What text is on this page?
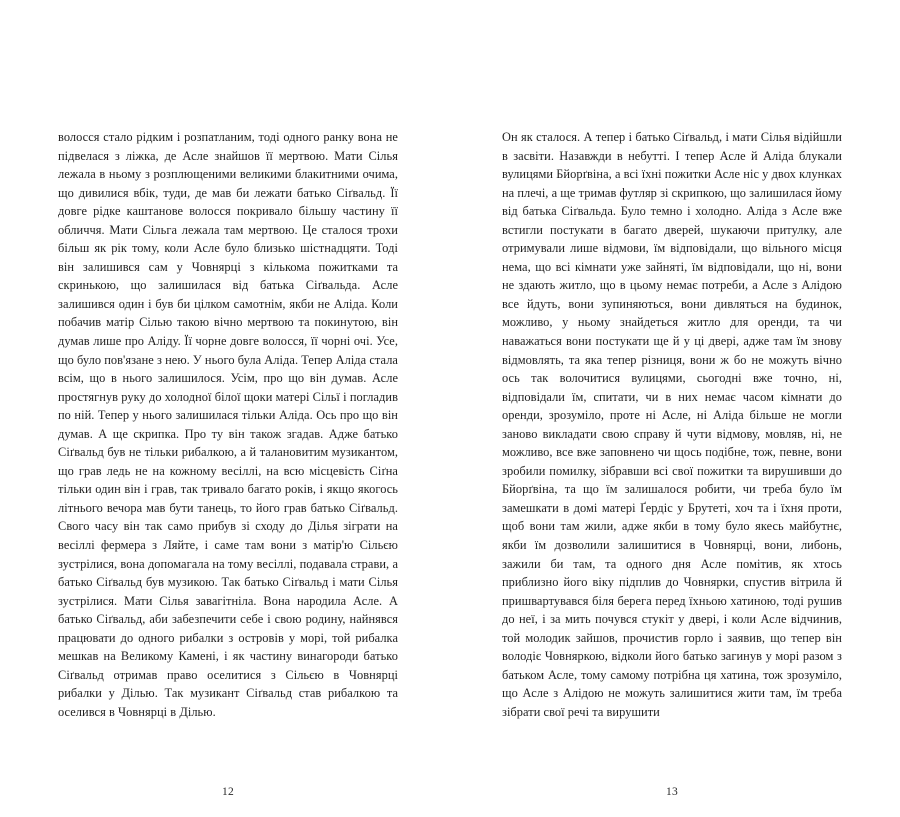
волосся стало рідким і розпатланим, тоді одного ранку вона не підвелася з ліжка, де Асле знайшов її мертвою. Мати Сілья лежала в ньому з розплющеними великими блакитними очима, що дивилися вбік, туди, де мав би лежати батько Сіґвальд. Її довге рідке каштанове волосся покривало більшу частину її обличчя. Мати Сільга лежала там мертвою. Це сталося трохи більш як рік тому, коли Асле було близько шістнадцяти. Тоді він залишився сам у Човнярці з кількома пожитками та скринькою, що залишилася від батька Сіґвальда. Асле залишився один і був би цілком самотнім, якби не Аліда. Коли побачив матір Сілью такою вічно мертвою та покинутою, він думав лише про Аліду. Її чорне довге волосся, її чорні очі. Усе, що було пов'язане з нею. У нього була Аліда. Тепер Аліда стала всім, що в нього залишилося. Усім, про що він думав. Асле простягнув руку до холодної білої щоки матері Сільї і погладив по ній. Тепер у нього залишилася тільки Аліда. Ось про що він думав. А ще скрипка. Про ту він також згадав. Адже батько Сіґвальд був не тільки рибалкою, а й талановитим музикантом, що грав ледь не на кожному весіллі, на всю місцевість Сіґна тільки один він і грав, так тривало багато років, і якщо якогось літнього вечора мав бути танець, то його грав батько Сіґвальд. Свого часу він так само прибув зі сходу до Ділья зіграти на весіллі фермера з Ляйте, і саме там вони з матір'ю Сільєю зустрілися, вона допомагала на тому весіллі, подавала страви, а батько Сіґвальд був музикою. Так батько Сіґвальд і мати Сілья зустрілися. Мати Сілья завагітніла. Вона народила Асле. А батько Сіґвальд, аби забезпечити себе і свою родину, найнявся працювати до одного рибалки з островів у морі, той рибалка мешкав на Великому Камені, і як частину винагороди батько Сіґвальд отримав право оселитися з Сільєю в Човнярці рибалки у Ділью. Так музикант Сіґвальд став рибалкою та оселився в Човнярці в Ділью.

12

Он як сталося. А тепер і батько Сіґвальд, і мати Сілья відійшли в засвіти. Назавжди в небутті. І тепер Асле й Аліда блукали вулицями Бйорґвіна, а всі їхні пожитки Асле ніс у двох клунках на плечі, а ще тримав футляр зі скрипкою, що залишилася йому від батька Сіґвальда. Було темно і холодно. Аліда з Асле вже встигли постукати в багато дверей, шукаючи притулку, але отримували лише відмови, їм відповідали, що вільного місця нема, що всі кімнати уже зайняті, їм відповідали, що ні, вони не здають житло, що в цьому немає потреби, а Асле з Алідою все йдуть, вони зупиняються, вони дивляться на будинок, можливо, у ньому знайдеться житло для оренди, та чи наважаться вони постукати ще й у ці двері, адже там їм знову відмовлять, та яка тепер різниця, вони ж бо не можуть вічно ось так волочитися вулицями, сьогодні вже точно, ні, відповідали їм, спитати, чи в них немає часом кімнати до оренди, зрозуміло, проте ні Асле, ні Аліда більше не могли заново викладати свою справу й чути відмову, мовляв, ні, не можливо, все вже заповнено чи щось подібне, тож, певне, вони зробили помилку, зібравши всі свої пожитки та вирушивши до Бйорґвіна, та що їм залишалося робити, чи треба було їм замешкати в домі матері Ґердіс у Брутеті, хоч та і їхня проти, щоб вони там жили, адже якби в тому було якесь майбутнє, якби їм дозволили залишитися в Човнярці, вони, либонь, зажили би там, та одного дня Асле помітив, як хтось приблизно його віку підплив до Човнярки, спустив вітрила й пришвартувався біля берега перед їхньою хатиною, тоді рушив до неї, і за мить почувся стукіт у двері, і коли Асле відчинив, той молодик зайшов, прочистив горло і заявив, що тепер він володіє Човняркою, відколи його батько загинув у морі разом з батьком Асле, тому самому потрібна ця хатина, тож зрозуміло, що Асле з Алідою не можуть залишитися жити там, їм треба зібрати свої речі та вирушити

13
